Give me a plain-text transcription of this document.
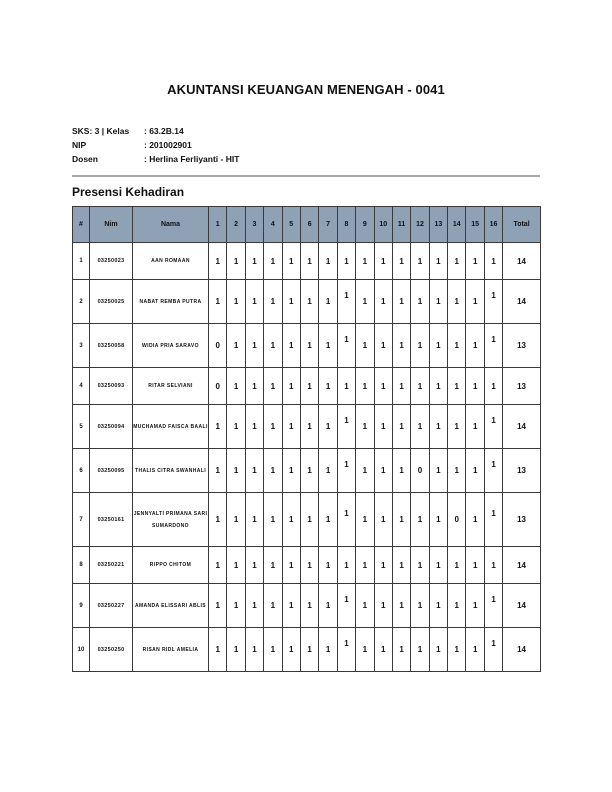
AKUNTANSI KEUANGAN MENENGAH - 0041
SKS: 3 | Kelas	: 63.2B.14
NIP	: 201002901
Dosen	: Herlina Ferliyanti - HIT
Presensi Kehadiran
#	Nim	Nama	1	2	3	4	5	6	7	8	9	10	11	12	13	14	15	16	Total
1	03250023	AAN ROMAAN	1	1	1	1	1	1	1	1	1	1	1	1	1	1	1	1	14
2	03250025	NABAT REMBA PUTRA	1	1	1	1	1	1	1	1	1	1	1	1	1	1	1	1	14
3	03250058	WIDIA PRIA SARAVO	0	1	1	1	1	1	1	1	1	1	1	1	1	1	1	1	13
4	03250093	RITAR SELVIANI	0	1	1	1	1	1	1	1	1	1	1	1	1	1	1	1	13
5	03250094	MUCHAMAD FAISCA BAALI	1	1	1	1	1	1	1	1	1	1	1	1	1	1	1	1	14
6	03250095	THALIS CITRA SWANHALI	1	1	1	1	1	1	1	1	1	1	1	0	1	1	1	1	13
7	03250161	JENNYALTI PRIMANA SARI SUMARDONO	1	1	1	1	1	1	1	1	1	1	1	1	1	0	1	1	13
8	03250221	RIPPO CHITOM	1	1	1	1	1	1	1	1	1	1	1	1	1	1	1	1	14
9	03250227	AMANDA ELISSARI ABLIS	1	1	1	1	1	1	1	1	1	1	1	1	1	1	1	1	14
10	03250250	RISAN RIDL AMELIA	1	1	1	1	1	1	1	1	1	1	1	1	1	1	1	1	14
